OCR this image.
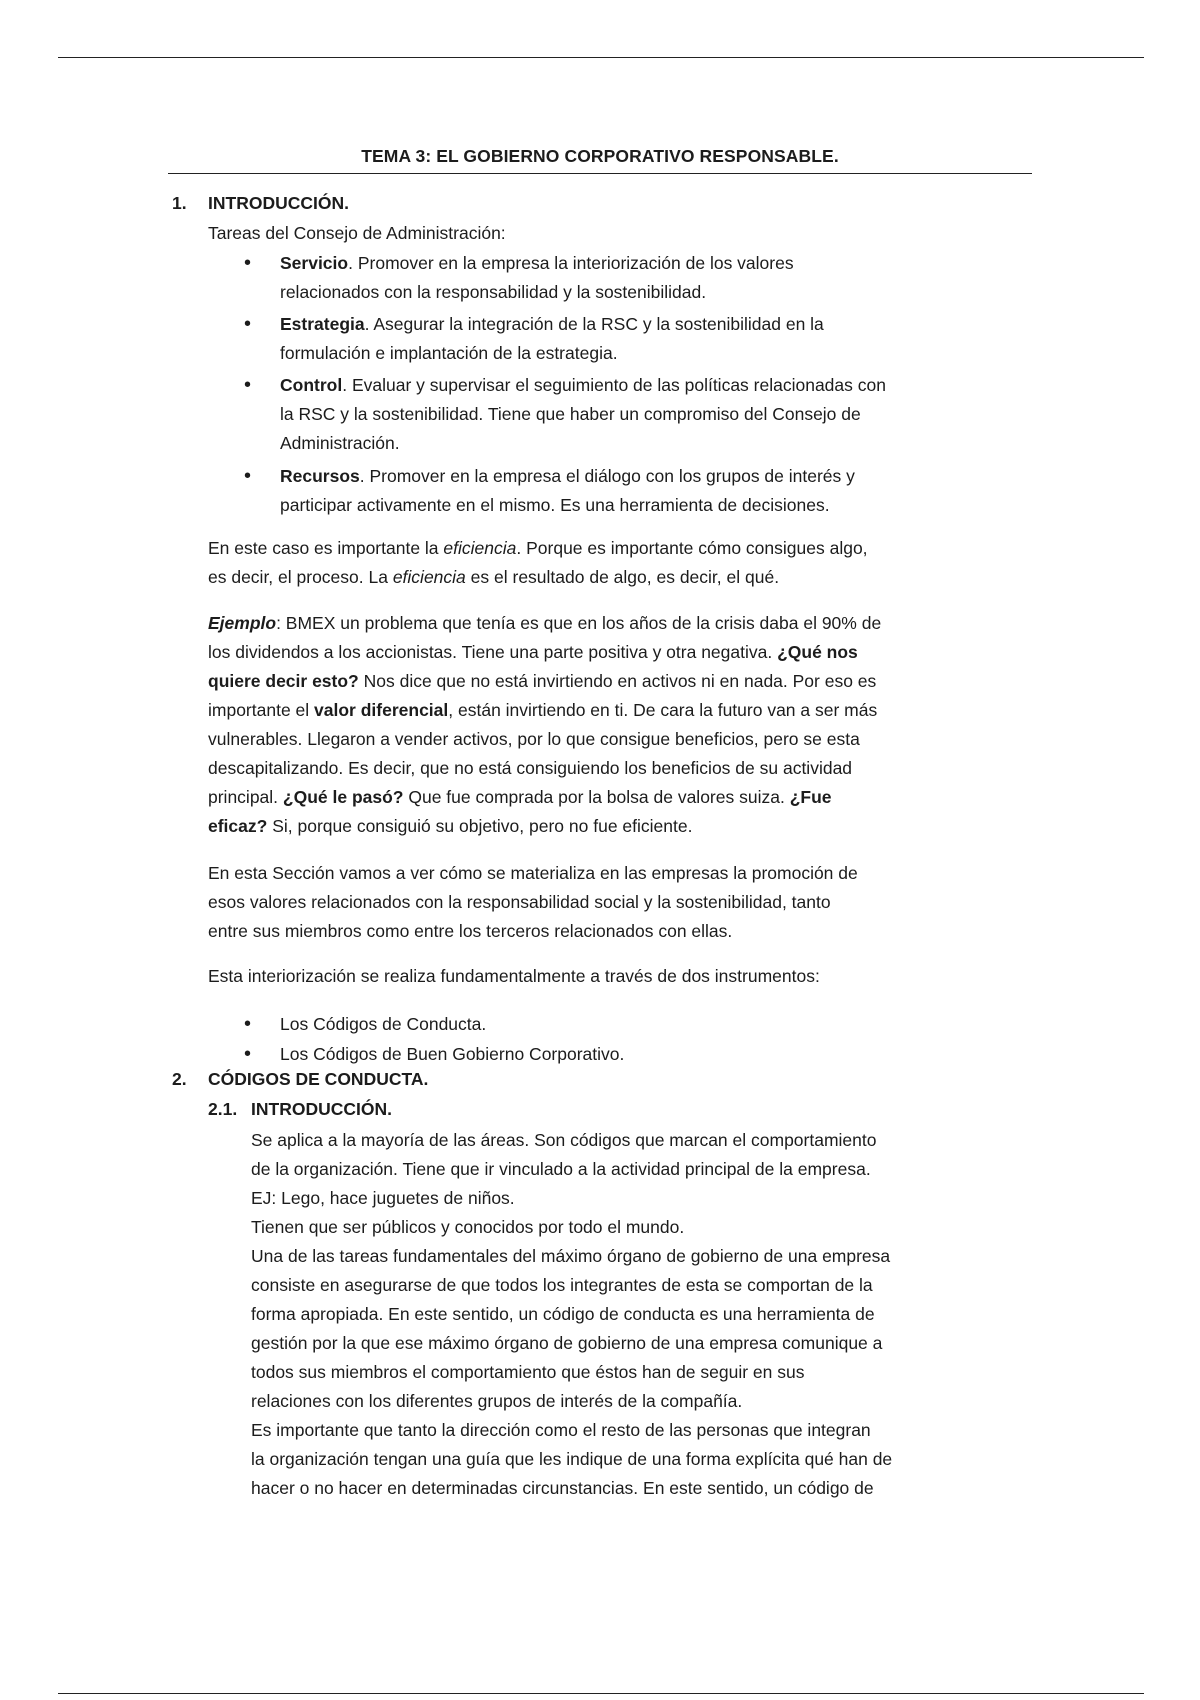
TEMA 3: EL GOBIERNO CORPORATIVO RESPONSABLE.
1. INTRODUCCIÓN.
Tareas del Consejo de Administración:
• Servicio. Promover en la empresa la interiorización de los valores
relacionados con la responsabilidad y la sostenibilidad.
• Estrategia. Asegurar la integración de la RSC y la sostenibilidad en la
formulación e implantación de la estrategia.
• Control. Evaluar y supervisar el seguimiento de las políticas relacionadas con
la RSC y la sostenibilidad. Tiene que haber un compromiso del Consejo de
Administración.
• Recursos. Promover en la empresa el diálogo con los grupos de interés y
participar activamente en el mismo. Es una herramienta de decisiones.
En este caso es importante la eficiencia. Porque es importante cómo consigues algo,
es decir, el proceso. La eficiencia es el resultado de algo, es decir, el qué.
Ejemplo: BMEX un problema que tenía es que en los años de la crisis daba el 90% de
los dividendos a los accionistas. Tiene una parte positiva y otra negativa. ¿Qué nos
quiere decir esto? Nos dice que no está invirtiendo en activos ni en nada. Por eso es
importante el valor diferencial, están invirtiendo en ti. De cara la futuro van a ser más
vulnerables. Llegaron a vender activos, por lo que consigue beneficios, pero se esta
descapitalizando. Es decir, que no está consiguiendo los beneficios de su actividad
principal. ¿Qué le pasó? Que fue comprada por la bolsa de valores suiza. ¿Fue
eficaz? Si, porque consiguió su objetivo, pero no fue eficiente.
En esta Sección vamos a ver cómo se materializa en las empresas la promoción de
esos valores relacionados con la responsabilidad social y la sostenibilidad, tanto
entre sus miembros como entre los terceros relacionados con ellas.
Esta interiorización se realiza fundamentalmente a través de dos instrumentos:
• Los Códigos de Conducta.
• Los Códigos de Buen Gobierno Corporativo.
2. CÓDIGOS DE CONDUCTA.
2.1. INTRODUCCIÓN.
Se aplica a la mayoría de las áreas. Son códigos que marcan el comportamiento
de la organización. Tiene que ir vinculado a la actividad principal de la empresa.
EJ: Lego, hace juguetes de niños.
Tienen que ser públicos y conocidos por todo el mundo.
Una de las tareas fundamentales del máximo órgano de gobierno de una empresa
consiste en asegurarse de que todos los integrantes de esta se comportan de la
forma apropiada. En este sentido, un código de conducta es una herramienta de
gestión por la que ese máximo órgano de gobierno de una empresa comunique a
todos sus miembros el comportamiento que éstos han de seguir en sus
relaciones con los diferentes grupos de interés de la compañía.
Es importante que tanto la dirección como el resto de las personas que integran
la organización tengan una guía que les indique de una forma explícita qué han de
hacer o no hacer en determinadas circunstancias. En este sentido, un código de
